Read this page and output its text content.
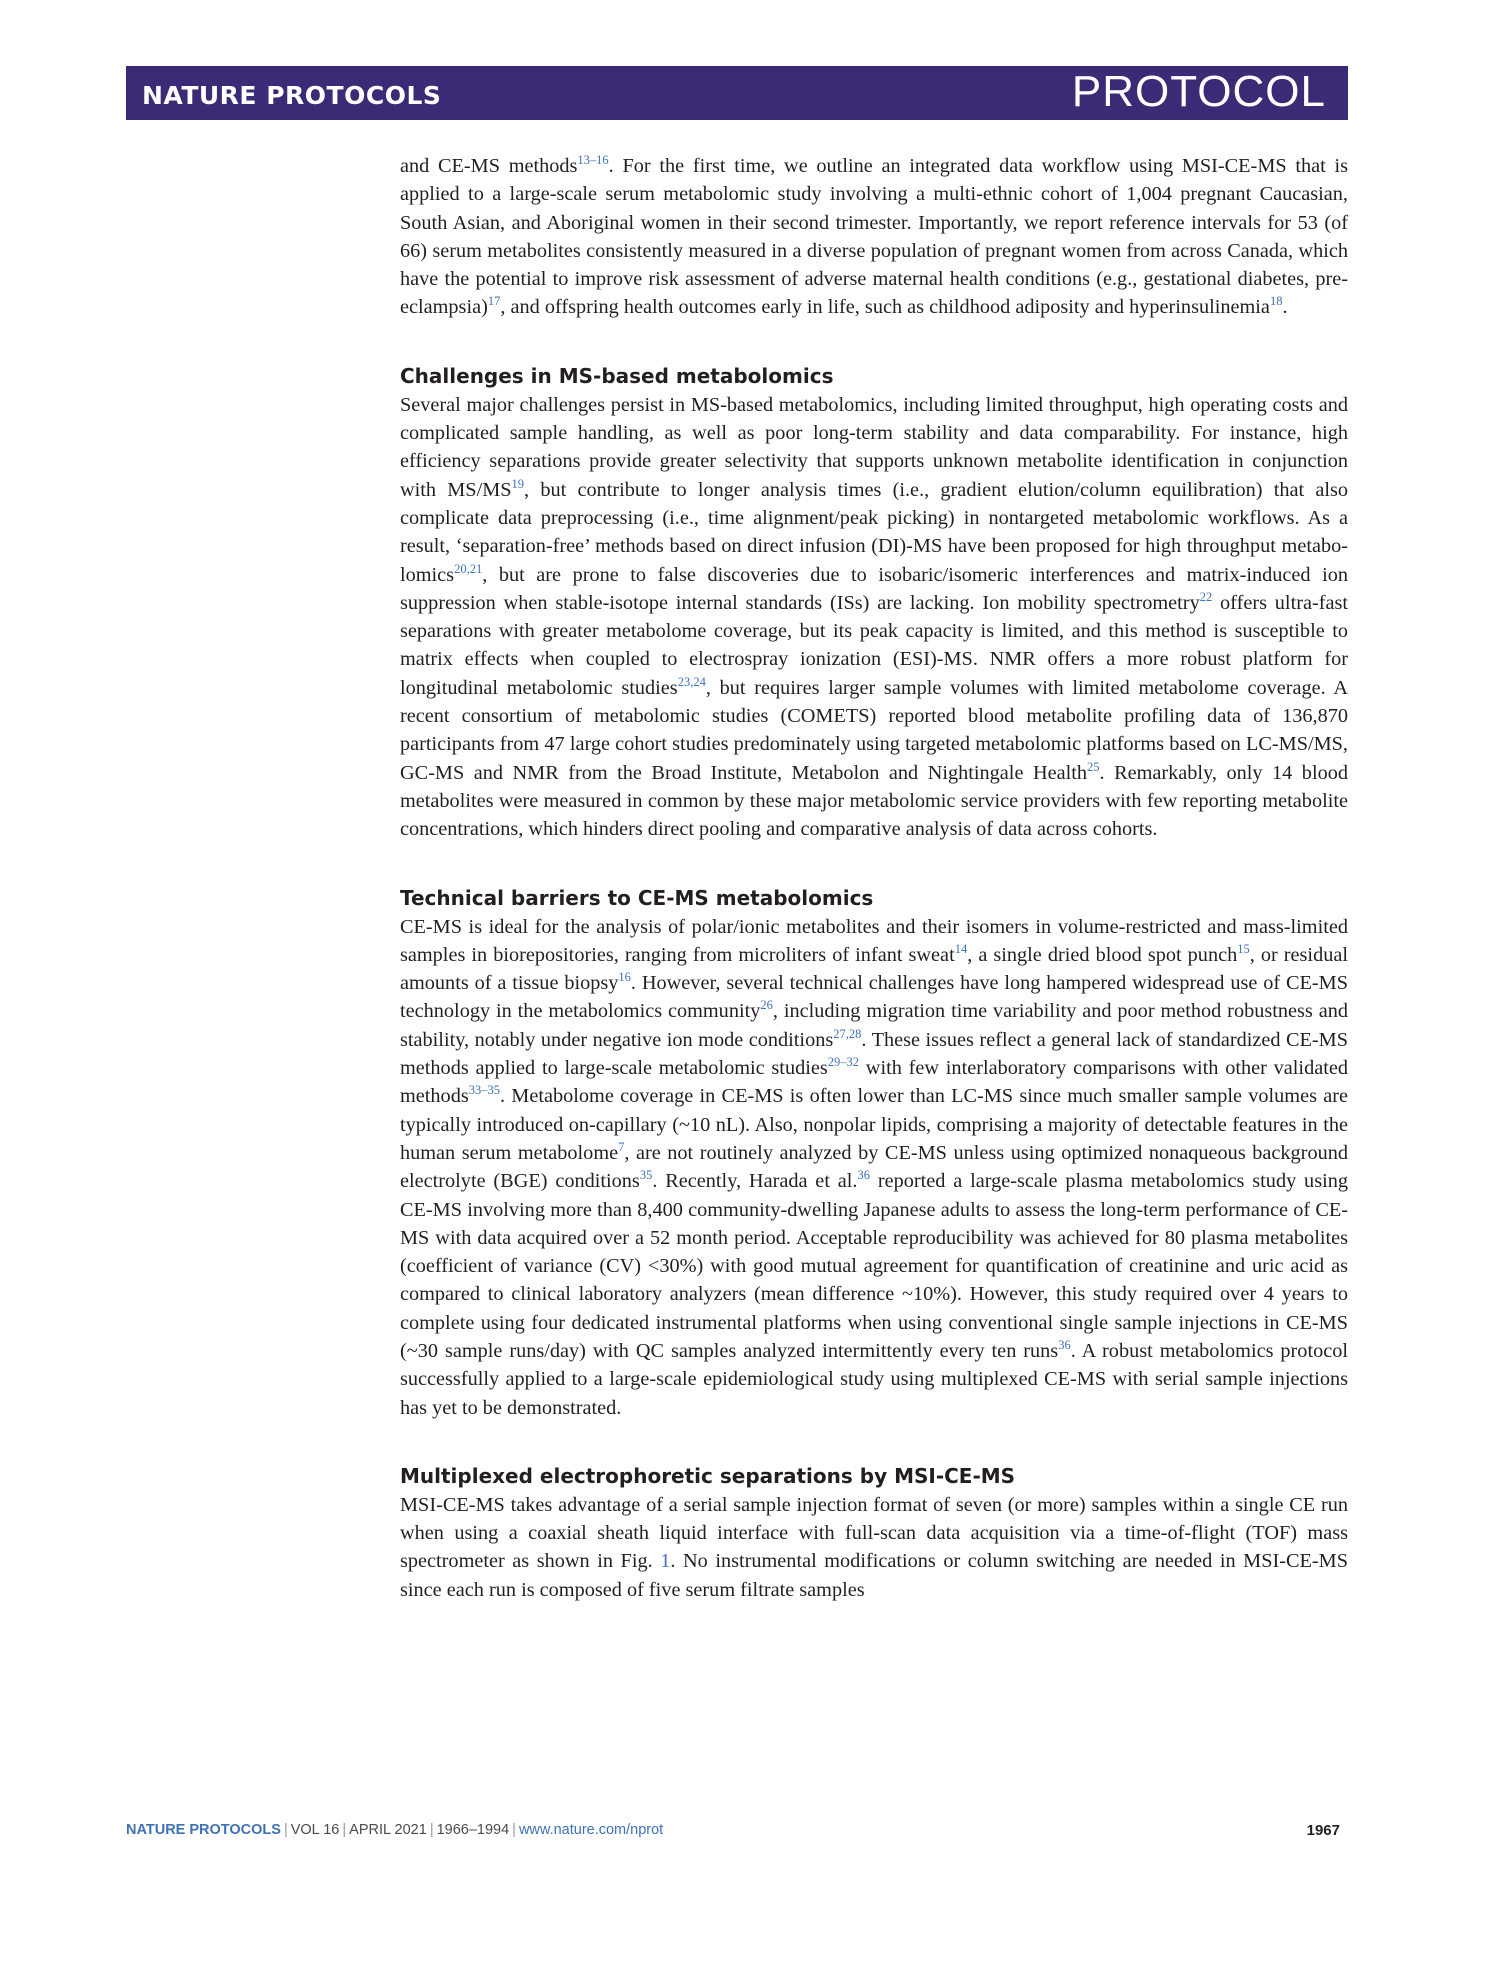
NATURE PROTOCOLS	PROTOCOL

and CE-MS methods$^{13-16}$. For the first time, we outline an integrated data workflow using MSI-CE-MS that is applied to a large-scale serum metabolomic study involving a multi-ethnic cohort of 1,004 pregnant Caucasian, South Asian, and Aboriginal women in their second trimester. Importantly, we report reference intervals for 53 (of 66) serum metabolites consistently measured in a diverse population of pregnant women from across Canada, which have the potential to improve risk assessment of adverse maternal health conditions (e.g., gestational diabetes, pre-eclampsia)$^{17}$, and offspring health outcomes early in life, such as childhood adiposity and hyperinsulinemia$^{18}$.

Challenges in MS-based metabolomics

Several major challenges persist in MS-based metabolomics, including limited throughput, high operating costs and complicated sample handling, as well as poor long-term stability and data comparability. For instance, high efficiency separations provide greater selectivity that supports unknown metabolite identification in conjunction with MS/MS$^{19}$, but contribute to longer analysis times (i.e., gradient elution/column equilibration) that also complicate data preprocessing (i.e., time alignment/peak picking) in nontargeted metabolomic workflows. As a result, ‘separation-free’ methods based on direct infusion (DI)-MS have been proposed for high throughput metabolomics$^{20,21}$, but are prone to false discoveries due to isobaric/isomeric interferences and matrix-induced ion suppression when stable-isotope internal standards (ISs) are lacking. Ion mobility spectrometry$^{22}$ offers ultra-fast separations with greater metabolome coverage, but its peak capacity is limited, and this method is susceptible to matrix effects when coupled to electrospray ionization (ESI)-MS. NMR offers a more robust platform for longitudinal metabolomic studies$^{23,24}$, but requires larger sample volumes with limited metabolome coverage. A recent consortium of metabolomic studies (COMETS) reported blood metabolite profiling data of 136,870 participants from 47 large cohort studies predominately using targeted metabolomic platforms based on LC-MS/MS, GC-MS and NMR from the Broad Institute, Metabolon and Nightingale Health$^{25}$. Remarkably, only 14 blood metabolites were measured in common by these major metabolomic service providers with few reporting metabolite concentrations, which hinders direct pooling and comparative analysis of data across cohorts.

Technical barriers to CE-MS metabolomics

CE-MS is ideal for the analysis of polar/ionic metabolites and their isomers in volume-restricted and mass-limited samples in biorepositories, ranging from microliters of infant sweat$^{14}$, a single dried blood spot punch$^{15}$, or residual amounts of a tissue biopsy$^{16}$. However, several technical challenges have long hampered widespread use of CE-MS technology in the metabolomics community$^{26}$, including migration time variability and poor method robustness and stability, notably under negative ion mode conditions$^{27,28}$. These issues reflect a general lack of standardized CE-MS methods applied to large-scale metabolomic studies$^{29-32}$ with few interlaboratory comparisons with other validated methods$^{33-35}$. Metabolome coverage in CE-MS is often lower than LC-MS since much smaller sample volumes are typically introduced on-capillary (~10 nL). Also, nonpolar lipids, comprising a majority of detectable features in the human serum metabolome$^7$, are not routinely analyzed by CE-MS unless using optimized nonaqueous background electrolyte (BGE) conditions$^{35}$. Recently, Harada et al.$^{36}$ reported a large-scale plasma metabolomics study using CE-MS involving more than 8,400 community-dwelling Japanese adults to assess the long-term performance of CE-MS with data acquired over a 52 month period. Acceptable reproducibility was achieved for 80 plasma metabolites (coefficient of variance (CV) <30%) with good mutual agreement for quantification of creatinine and uric acid as compared to clinical laboratory analyzers (mean difference ~10%). However, this study required over 4 years to complete using four dedicated instrumental platforms when using conventional single sample injections in CE-MS (~30 sample runs/day) with QC samples analyzed intermittently every ten runs$^{36}$. A robust metabolomics protocol successfully applied to a large-scale epidemiological study using multiplexed CE-MS with serial sample injections has yet to be demonstrated.

Multiplexed electrophoretic separations by MSI-CE-MS

MSI-CE-MS takes advantage of a serial sample injection format of seven (or more) samples within a single CE run when using a coaxial sheath liquid interface with full-scan data acquisition via a time-of-flight (TOF) mass spectrometer as shown in Fig. 1. No instrumental modifications or column switching are needed in MSI-CE-MS since each run is composed of five serum filtrate samples

NATURE PROTOCOLS | VOL 16 | APRIL 2021 | 1966–1994 | www.nature.com/nprot	1967
